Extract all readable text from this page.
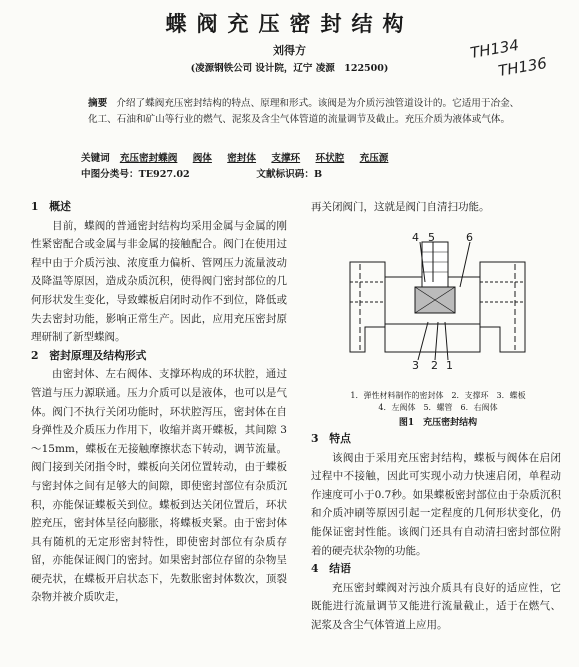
蝶阀充压密封结构
刘得方
(凌源钢铁公司 设计院，辽宁 凌源　122500)
TH134
TH136
摘要 介绍了蝶阀充压密封结构的特点、原理和形式。该阀是为介质污浊管道设计的。它适用于冶金、化工、石油和矿山等行业的燃气、泥浆及含尘气体管道的流量调节及截止。充压介质为液体或气体。
关键词 充压密封蝶阀 阀体 密封体 支撑环 环状腔 充压源
中图分类号：TE927.02	文献标识码：B
1　概述

目前，蝶阀的普通密封结构均采用金属与金属的刚性紧密配合或金属与非金属的接触配合。阀门在使用过程中由于介质污浊、浓度重力偏析、管网压力流量波动及降温等原因，造成杂质沉积，使得阀门密封部位的几何形状发生变化，导致蝶板启闭时动作不到位，降低或失去密封功能，影响正常生产。因此，应用充压密封原理研制了新型蝶阀。

2　密封原理及结构形式

由密封体、左右阀体、支撑环构成的环状腔，通过管道与压力源联通。压力介质可以是液体，也可以是气体。阀门不执行关闭功能时，环状腔泻压，密封体在自身弹性及介质压力作用下，收缩并离开蝶板，其间隙 3～15mm，蝶板在无接触摩擦状态下转动，调节流量。阀门接到关闭指令时，蝶板向关闭位置转动，由于蝶板与密封体之间有足够大的间隙，即使密封部位有杂质沉积，亦能保证蝶板关到位。蝶板到达关闭位置后，环状腔充压，密封体呈径向膨胀，将蝶板夹紧。由于密封体具有随机的无定形密封特性，即使密封部位有杂质存留，亦能保证阀门的密封。如果密封部位存留的杂物呈硬壳状，在蝶板开启状态下，先数胀密封体数次，顶裂杂物并被介质吹走，

再关闭阀门，这就是阀门自清扫功能。

4 5	6
3 2 1
1．弹性材料制作的密封体　2．支撑环　3．蝶板
4．左阀体　5．螺管　6．右阀体
图1　充压密封结构
3　特点

该阀由于采用充压密封结构，蝶板与阀体在启闭过程中不接触，因此可实现小动力快速启闭，单程动作速度可小于0.7秒。如果蝶板密封部位由于杂质沉积和介质冲刷等原因引起一定程度的几何形状变化，仍能保证密封性能。该阀门还具有自动清扫密封部位附着的硬壳状杂物的功能。

4　结语

充压密封蝶阀对污浊介质具有良好的适应性，它既能进行流量调节又能进行流量截止，适于在燃气、泥浆及含尘气体管道上应用。
